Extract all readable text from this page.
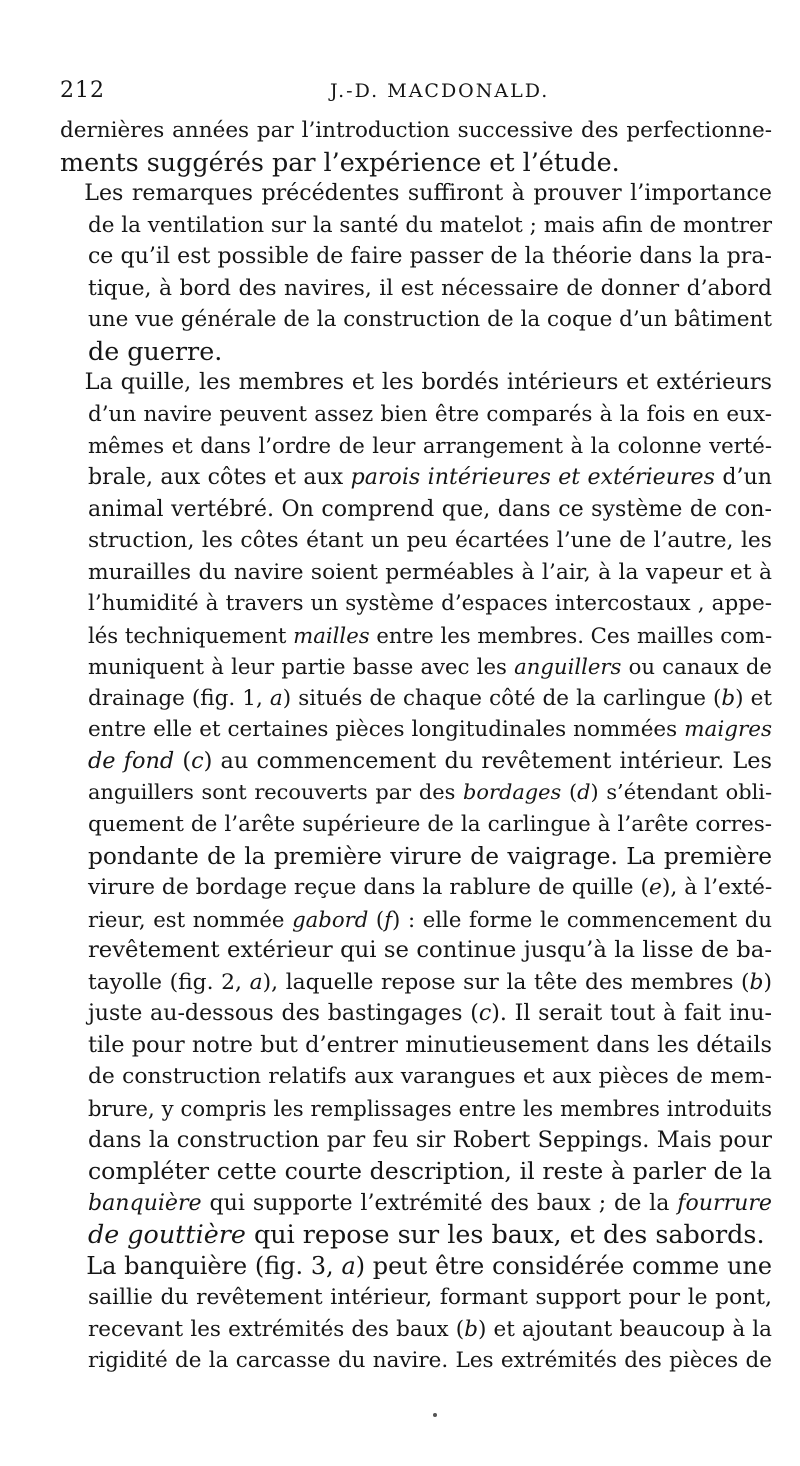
212	J.-D. MACDONALD.

dernières années par l’introduction successive des perfectionne-
ments suggérés par l’expérience et l’étude.

Les remarques précédentes suffiront à prouver l’importance
de la ventilation sur la santé du matelot ; mais afin de montrer
ce qu’il est possible de faire passer de la théorie dans la pra-
tique, à bord des navires, il est nécessaire de donner d’abord
une vue générale de la construction de la coque d’un bâtiment
de guerre.

La quille, les membres et les bordés intérieurs et extérieurs
d’un navire peuvent assez bien être comparés à la fois en eux-
mêmes et dans l’ordre de leur arrangement à la colonne verté-
brale, aux côtes et aux parois intérieures et extérieures d’un
animal vertébré. On comprend que, dans ce système de con-
struction, les côtes étant un peu écartées l’une de l’autre, les
murailles du navire soient perméables à l’air, à la vapeur et à
l’humidité à travers un système d’espaces intercostaux , appe-
lés techniquement mailles entre les membres. Ces mailles com-
muniquent à leur partie basse avec les anguillers ou canaux de
drainage (fig. 1, a) situés de chaque côté de la carlingue (b) et
entre elle et certaines pièces longitudinales nommées maigres
de fond (c) au commencement du revêtement intérieur. Les
anguillers sont recouverts par des bordages (d) s’étendant obli-
quement de l’arête supérieure de la carlingue à l’arête corres-
pondante de la première virure de vaigrage. La première
virure de bordage reçue dans la rablure de quille (e), à l’exté-
rieur, est nommée gabord (f) : elle forme le commencement du
revêtement extérieur qui se continue jusqu’à la lisse de ba-
tayolle (fig. 2, a), laquelle repose sur la tête des membres (b)
juste au-dessous des bastingages (c). Il serait tout à fait inu-
tile pour notre but d’entrer minutieusement dans les détails
de construction relatifs aux varangues et aux pièces de mem-
brure, y compris les remplissages entre les membres introduits
dans la construction par feu sir Robert Seppings. Mais pour
compléter cette courte description, il reste à parler de la
banquière qui supporte l’extrémité des baux ; de la fourrure
de gouttière qui repose sur les baux, et des sabords.

La banquière (fig. 3, a) peut être considérée comme une
saillie du revêtement intérieur, formant support pour le pont,
recevant les extrémités des baux (b) et ajoutant beaucoup à la
rigidité de la carcasse du navire. Les extrémités des pièces de
